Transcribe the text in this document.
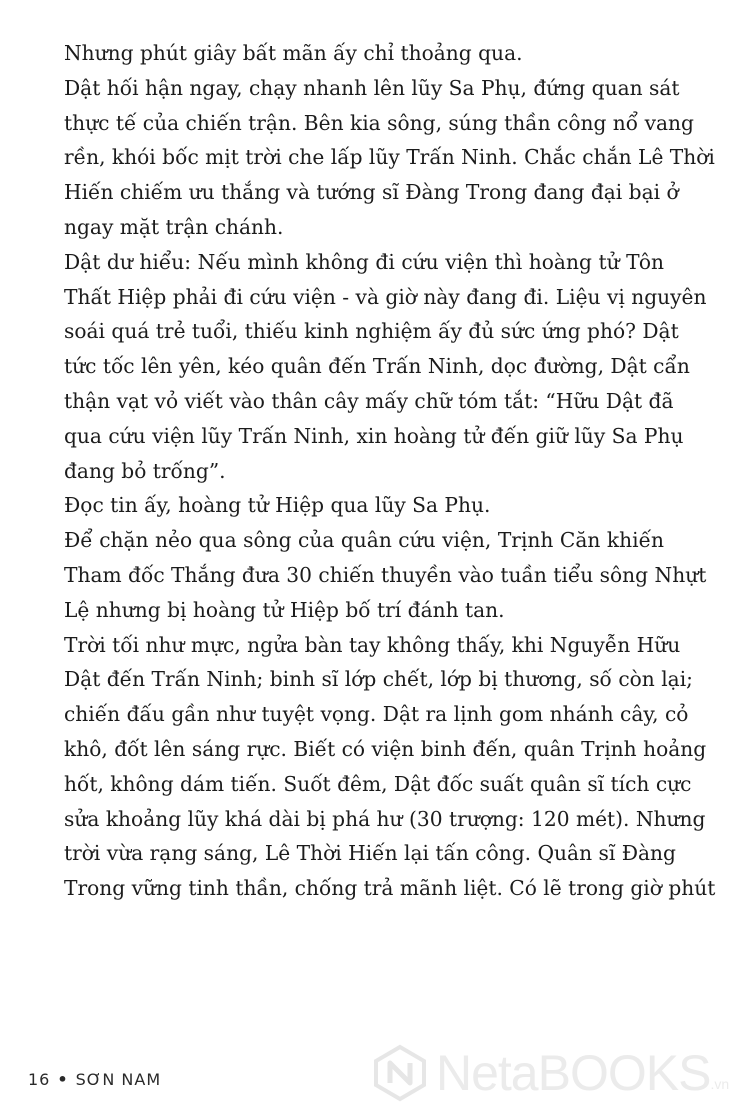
Nhưng phút giây bất mãn ấy chỉ thoảng qua.
Dật hối hận ngay, chạy nhanh lên lũy Sa Phụ, đứng quan sát
thực tế của chiến trận. Bên kia sông, súng thần công nổ vang
rền, khói bốc mịt trời che lấp lũy Trấn Ninh. Chắc chắn Lê Thời
Hiến chiếm ưu thắng và tướng sĩ Đàng Trong đang đại bại ở
ngay mặt trận chánh.
Dật dư hiểu: Nếu mình không đi cứu viện thì hoàng tử Tôn
Thất Hiệp phải đi cứu viện - và giờ này đang đi. Liệu vị nguyên
soái quá trẻ tuổi, thiếu kinh nghiệm ấy đủ sức ứng phó? Dật
tức tốc lên yên, kéo quân đến Trấn Ninh, dọc đường, Dật cẩn
thận vạt vỏ viết vào thân cây mấy chữ tóm tắt: “Hữu Dật đã
qua cứu viện lũy Trấn Ninh, xin hoàng tử đến giữ lũy Sa Phụ
đang bỏ trống”.
Đọc tin ấy, hoàng tử Hiệp qua lũy Sa Phụ.
Để chặn nẻo qua sông của quân cứu viện, Trịnh Căn khiến
Tham đốc Thắng đưa 30 chiến thuyền vào tuần tiểu sông Nhựt
Lệ nhưng bị hoàng tử Hiệp bố trí đánh tan.
Trời tối như mực, ngửa bàn tay không thấy, khi Nguyễn Hữu
Dật đến Trấn Ninh; binh sĩ lớp chết, lớp bị thương, số còn lại;
chiến đấu gần như tuyệt vọng. Dật ra lịnh gom nhánh cây, cỏ
khô, đốt lên sáng rực. Biết có viện binh đến, quân Trịnh hoảng
hốt, không dám tiến. Suốt đêm, Dật đốc suất quân sĩ tích cực
sửa khoảng lũy khá dài bị phá hư (30 trượng: 120 mét). Nhưng
trời vừa rạng sáng, Lê Thời Hiến lại tấn công. Quân sĩ Đàng
Trong vững tinh thần, chống trả mãnh liệt. Có lẽ trong giờ phút
16 • SƠN NAM	NetaBOOKS .vn
